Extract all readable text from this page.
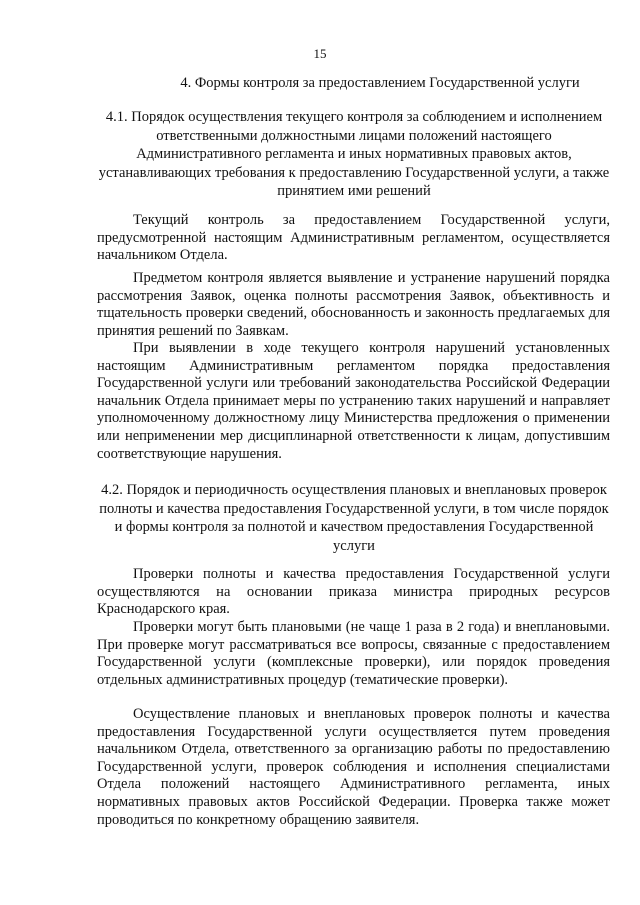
15
4. Формы контроля за предоставлением Государственной услуги
4.1. Порядок осуществления текущего контроля за соблюдением и исполнением ответственными должностными лицами положений настоящего Административного регламента и иных нормативных правовых актов, устанавливающих требования к предоставлению Государственной услуги, а также принятием ими решений

Текущий контроль за предоставлением Государственной услуги, предусмотренной настоящим Административным регламентом, осуществляется начальником Отдела.

Предметом контроля является выявление и устранение нарушений порядка рассмотрения Заявок, оценка полноты рассмотрения Заявок, объективность и тщательность проверки сведений, обоснованность и законность предлагаемых для принятия решений по Заявкам.

При выявлении в ходе текущего контроля нарушений установленных настоящим Административным регламентом порядка предоставления Государственной услуги или требований законодательства Российской Федерации начальник Отдела принимает меры по устранению таких нарушений и направляет уполномоченному должностному лицу Министерства предложения о применении или неприменении мер дисциплинарной ответственности к лицам, допустившим соответствующие нарушения.

4.2. Порядок и периодичность осуществления плановых и внеплановых проверок полноты и качества предоставления Государственной услуги, в том числе порядок и формы контроля за полнотой и качеством предоставления Государственной услуги

Проверки полноты и качества предоставления Государственной услуги осуществляются на основании приказа министра природных ресурсов Краснодарского края.

Проверки могут быть плановыми (не чаще 1 раза в 2 года) и внеплановыми. При проверке могут рассматриваться все вопросы, связанные с предоставлением Государственной услуги (комплексные проверки), или порядок проведения отдельных административных процедур (тематические проверки).

Осуществление плановых и внеплановых проверок полноты и качества предоставления Государственной услуги осуществляется путем проведения начальником Отдела, ответственного за организацию работы по предоставлению Государственной услуги, проверок соблюдения и исполнения специалистами Отдела положений настоящего Административного регламента, иных нормативных правовых актов Российской Федерации. Проверка также может проводиться по конкретному обращению заявителя.
